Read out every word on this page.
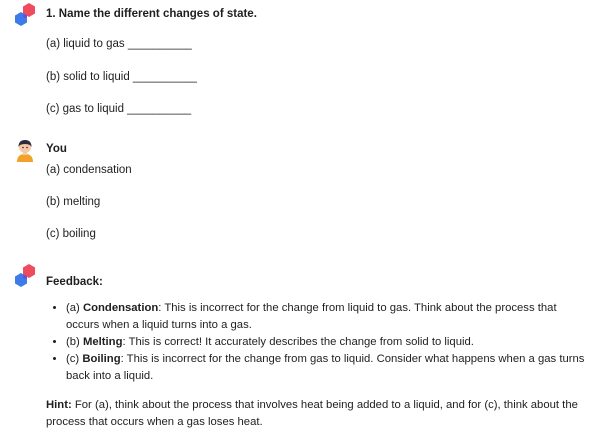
1. Name the different changes of state.

(a) liquid to gas __________

(b) solid to liquid __________

(c) gas to liquid __________

You

(a) condensation

(b) melting

(c) boiling

Feedback:

• (a) Condensation: This is incorrect for the change from liquid to gas. Think about the process that occurs when a liquid turns into a gas.
• (b) Melting: This is correct! It accurately describes the change from solid to liquid.
• (c) Boiling: This is incorrect for the change from gas to liquid. Consider what happens when a gas turns back into a liquid.

Hint: For (a), think about the process that involves heat being added to a liquid, and for (c), think about the process that occurs when a gas loses heat.
